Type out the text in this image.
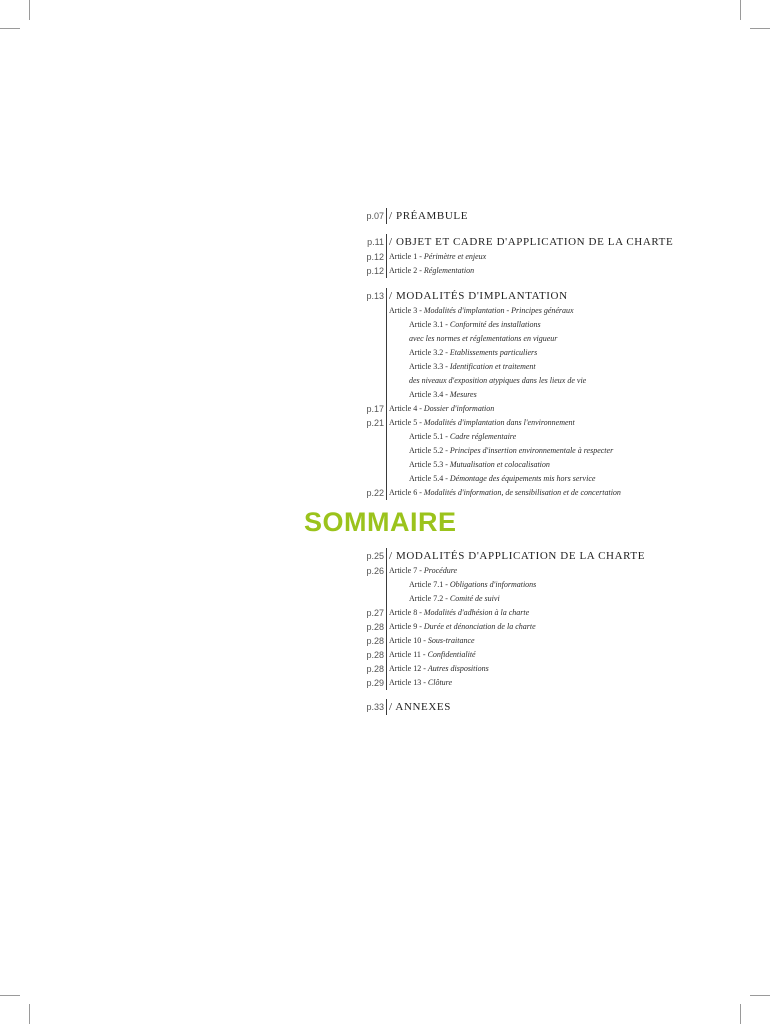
p.07 / PRÉAMBULE
p.11 / OBJET ET CADRE D'APPLICATION DE LA CHARTE
p.12 Article 1 - Périmètre et enjeux
p.12 Article 2 - Réglementation
p.13 / MODALITÉS D'IMPLANTATION
Article 3 - Modalités d'implantation - Principes généraux
Article 3.1 - Conformité des installations
avec les normes et réglementations en vigueur
Article 3.2 - Etablissements particuliers
Article 3.3 - Identification et traitement
des niveaux d'exposition atypiques dans les lieux de vie
Article 3.4 - Mesures
p.17 Article 4 - Dossier d'information
p.21 Article 5 - Modalités d'implantation dans l'environnement
Article 5.1 - Cadre réglementaire
Article 5.2 - Principes d'insertion environnementale à respecter
Article 5.3 - Mutualisation et colocalisation
Article 5.4 - Démontage des équipements mis hors service
p.22 Article 6 - Modalités d'information, de sensibilisation et de concertation
SOMMAIRE
p.25 / MODALITÉS D'APPLICATION DE LA CHARTE
p.26 Article 7 - Procédure
Article 7.1 - Obligations d'informations
Article 7.2 - Comité de suivi
p.27 Article 8 - Modalités d'adhésion à la charte
p.28 Article 9 - Durée et dénonciation de la charte
p.28 Article 10 - Sous-traitance
p.28 Article 11 - Confidentialité
p.28 Article 12 - Autres dispositions
p.29 Article 13 - Clôture
p.33 / ANNEXES
